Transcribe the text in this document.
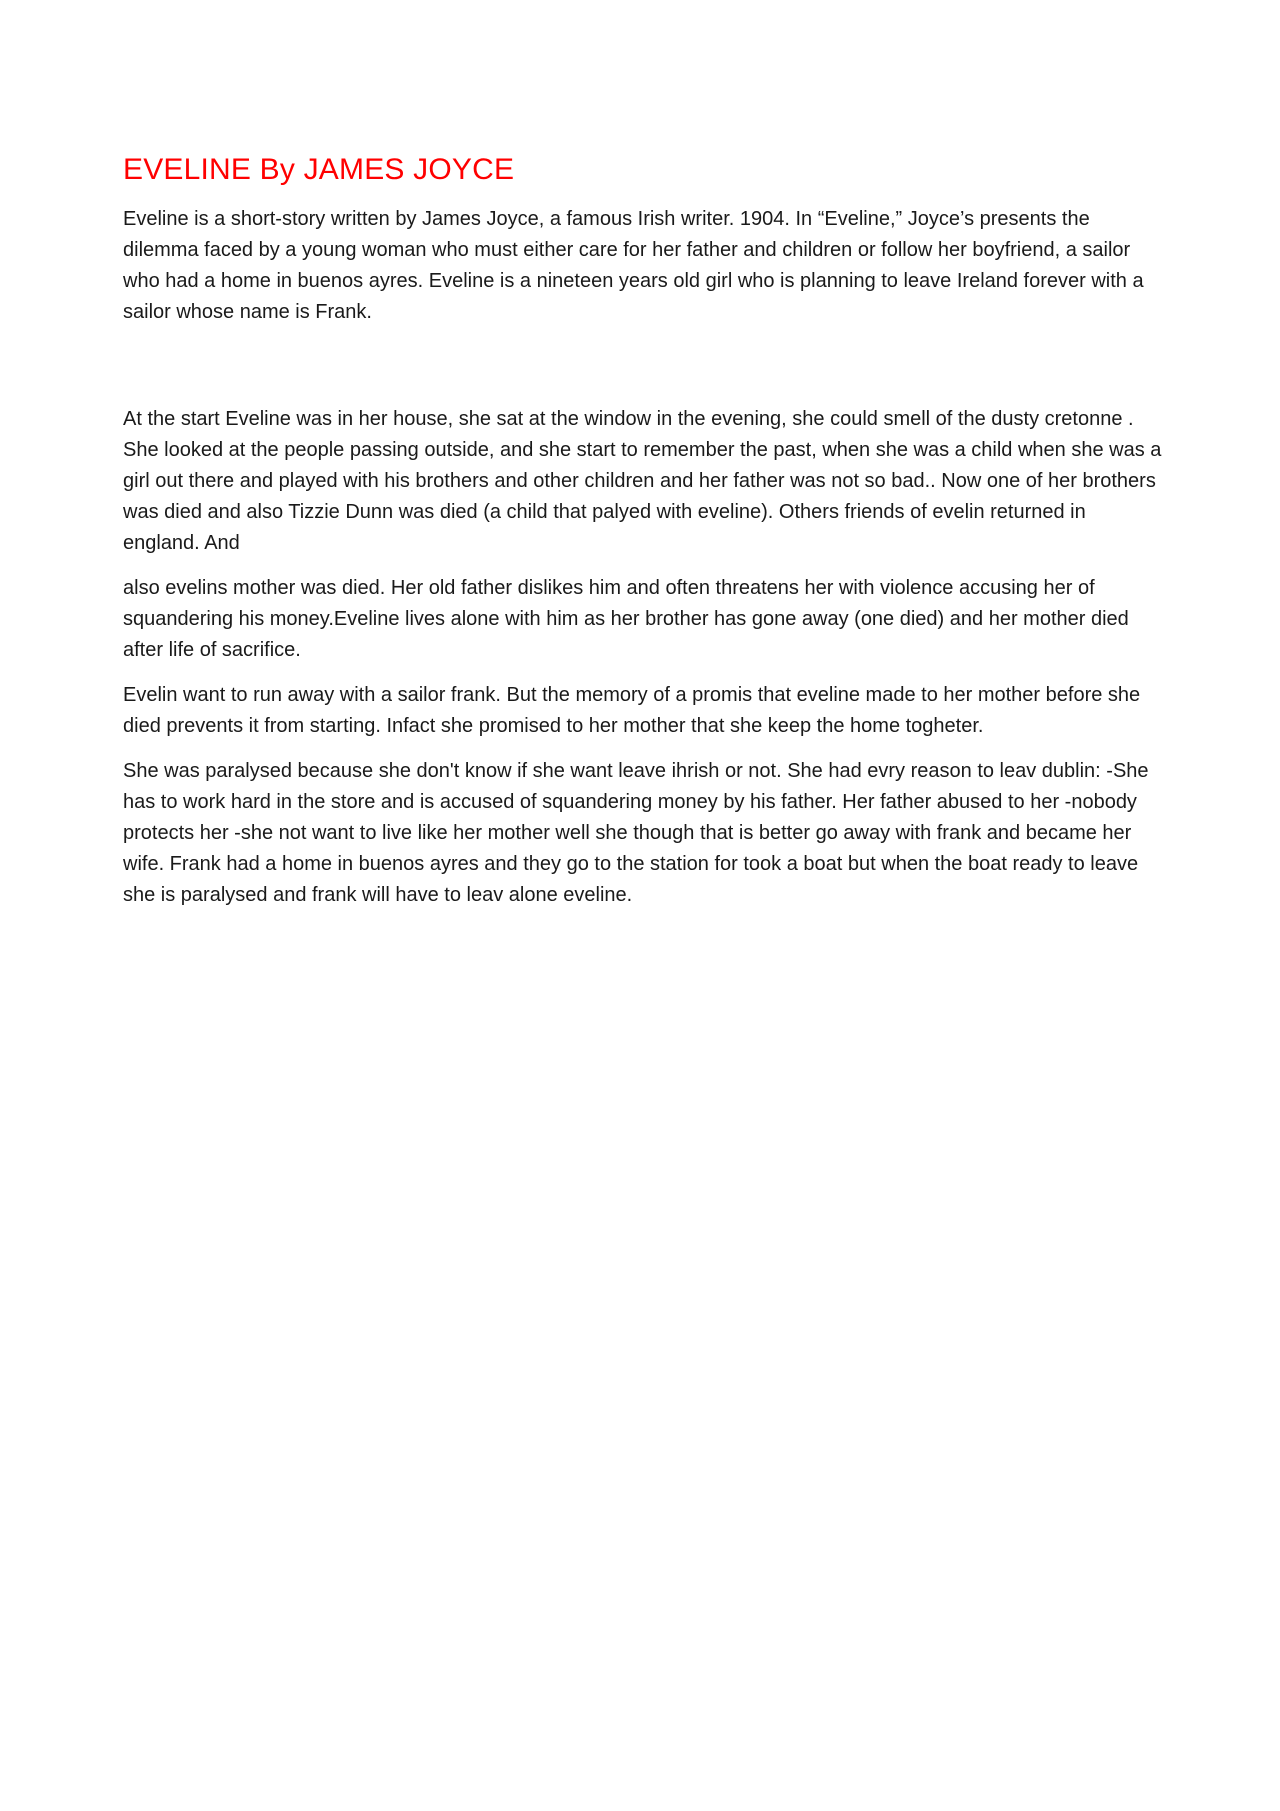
EVELINE By JAMES JOYCE

Eveline is a short-story written by James Joyce, a famous Irish writer. 1904. In “Eveline,” Joyce’s presents the dilemma faced by a young woman who must either care for her father and children or follow her boyfriend, a sailor who had a home in buenos ayres. Eveline is a nineteen years old girl who is planning to leave Ireland forever with a sailor whose name is Frank.

At the start Eveline was in her house, she sat at the window in the evening, she could smell of the dusty cretonne . She looked at the people passing outside, and she start to remember the past, when she was a child when she was a girl out there and played with his brothers and other children and her father was not so bad.. Now one of her brothers was died and also Tizzie Dunn was died (a child that palyed with eveline). Others friends of evelin returned in england. And

also evelins mother was died. Her old father dislikes him and often threatens her with violence accusing her of squandering his money.Eveline lives alone with him as her brother has gone away (one died) and her mother died after life of sacrifice.

Evelin want to run away with a sailor frank. But the memory of a promis that eveline made to her mother before she died prevents it from starting. Infact she promised to her mother that she keep the home togheter.

She was paralysed because she don't know if she want leave ihrish or not. She had evry reason to leav dublin: -She has to work hard in the store and is accused of squandering money by his father. Her father abused to her -nobody protects her -she not want to live like her mother well she though that is better go away with frank and became her wife. Frank had a home in buenos ayres and they go to the station for took a boat but when the boat ready to leave she is paralysed and frank will have to leav alone eveline.
